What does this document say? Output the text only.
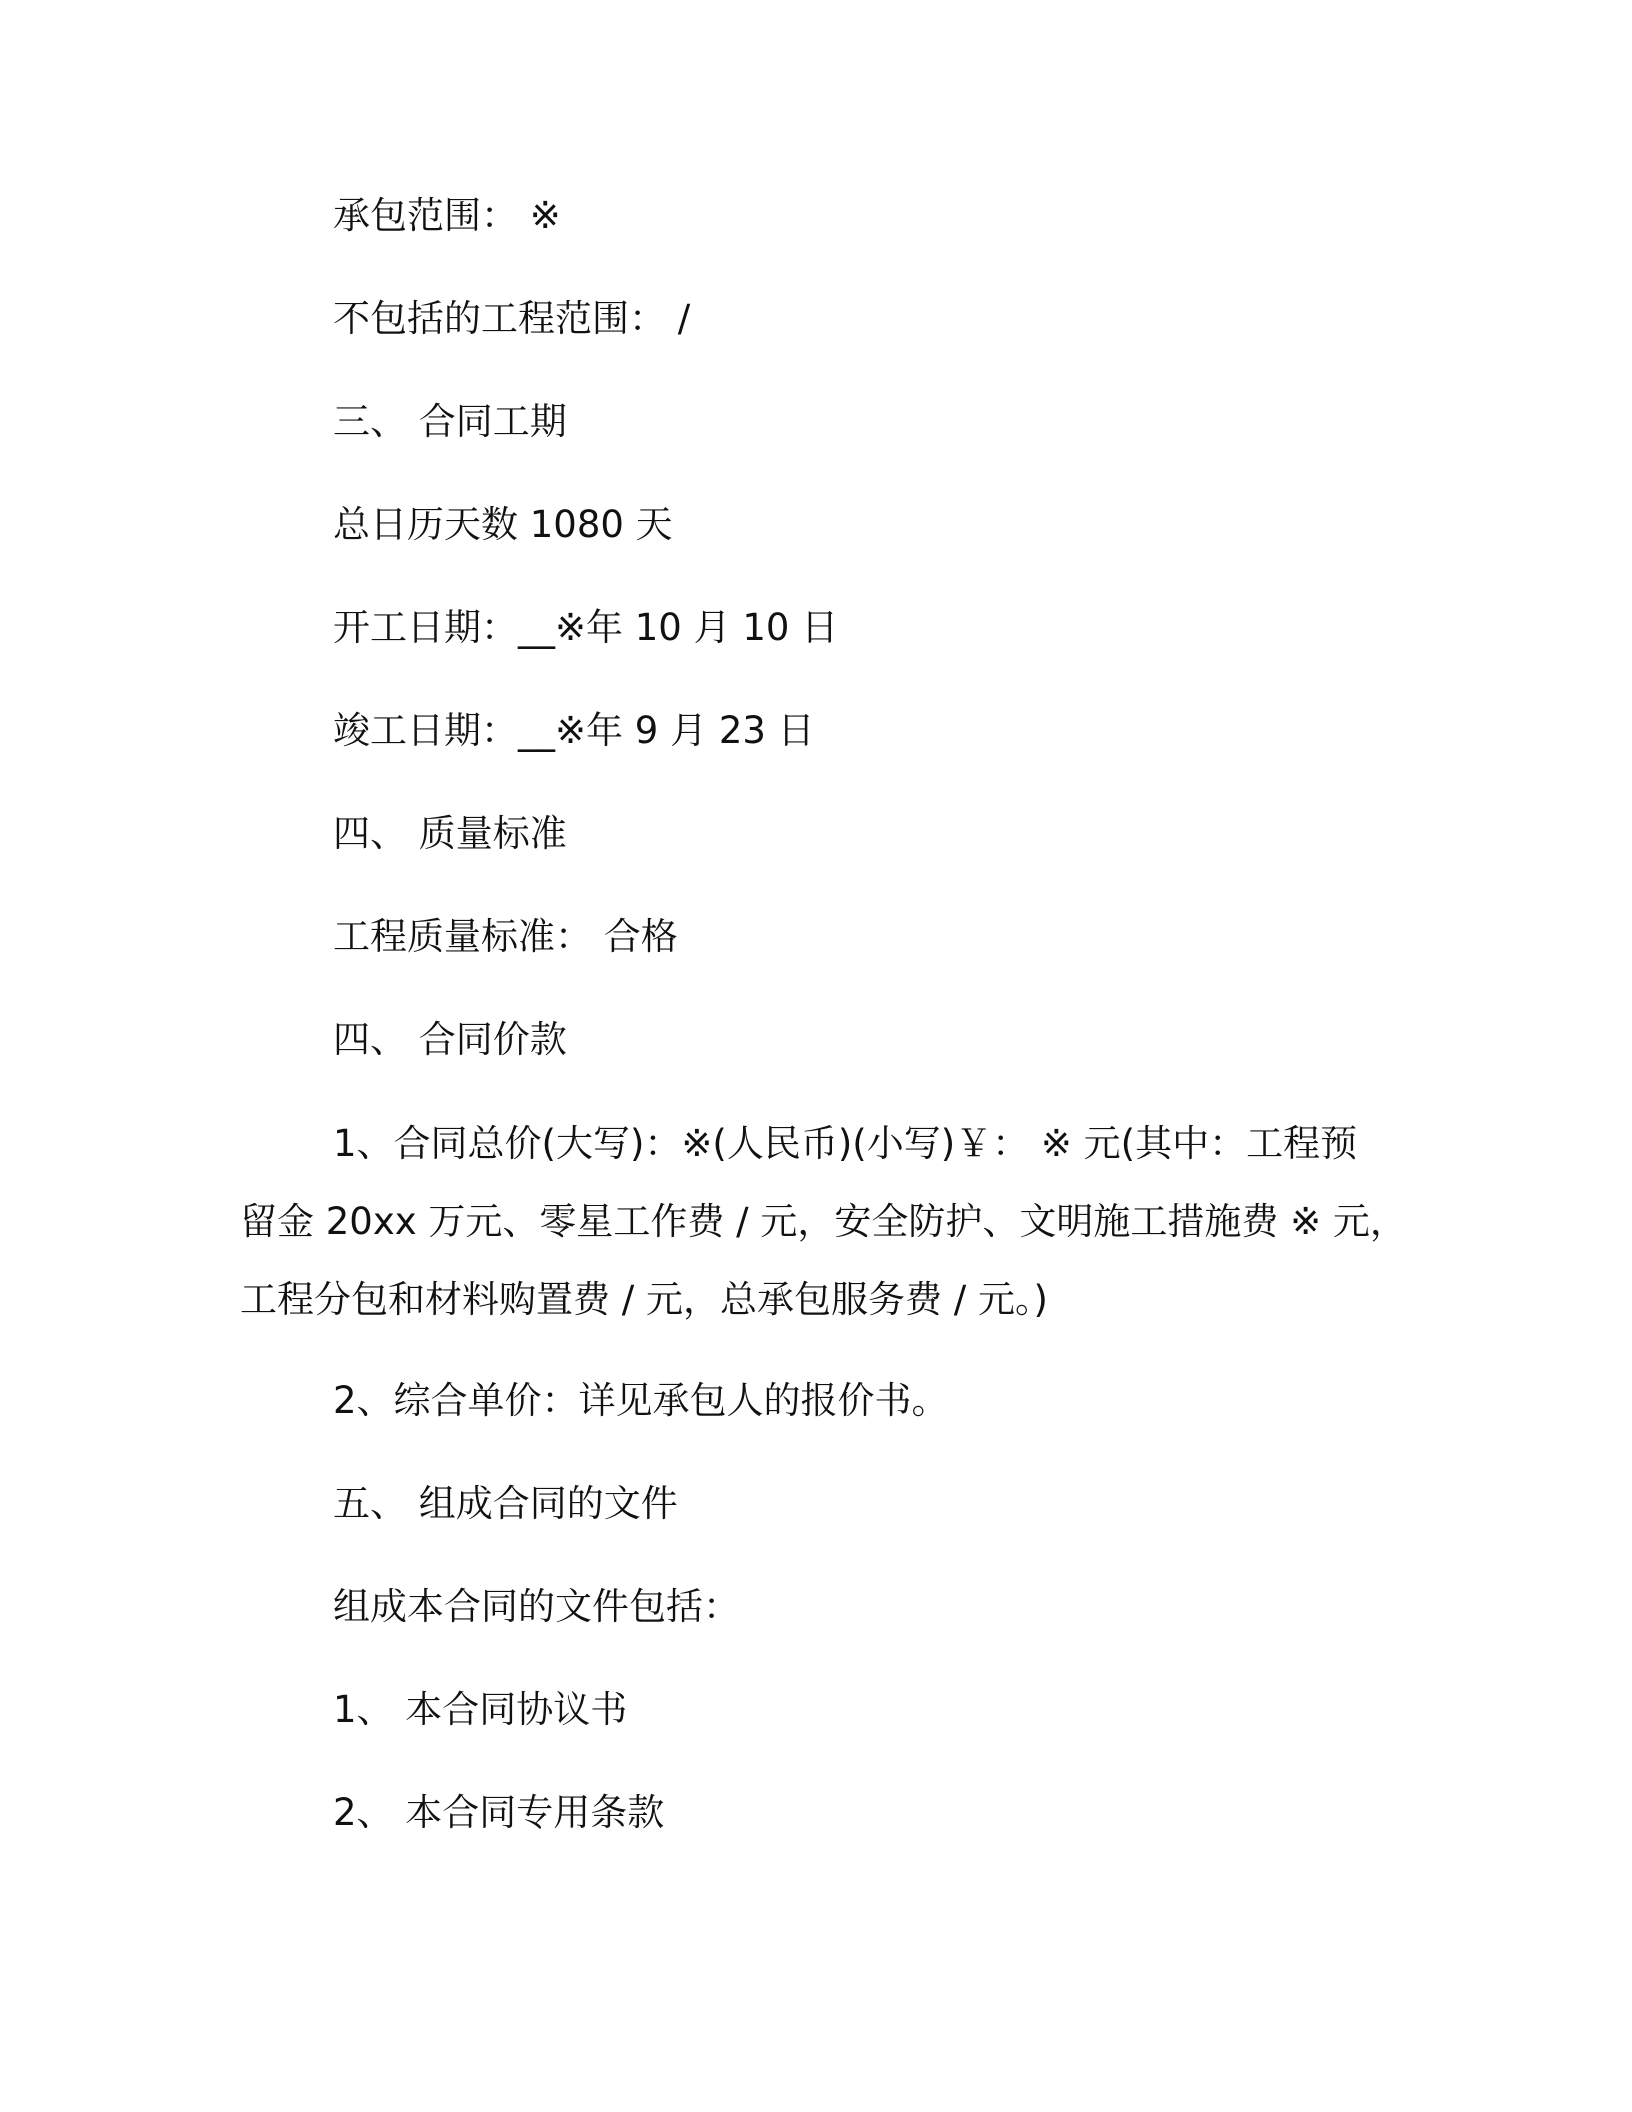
承包范围： ※
不包括的工程范围： /
三、 合同工期
总日历天数 1080 天
开工日期：__※年 10 月 10 日
竣工日期：__※年 9 月 23 日
四、 质量标准
工程质量标准： 合格
四、 合同价款
1、合同总价(大写)：※(人民币)(小写)￥： ※ 元(其中：工程预
留金 20xx 万元、零星工作费 / 元，安全防护、文明施工措施费 ※ 元，
工程分包和材料购置费 / 元，总承包服务费 / 元。)
2、综合单价：详见承包人的报价书。
五、 组成合同的文件
组成本合同的文件包括：
1、 本合同协议书
2、 本合同专用条款
